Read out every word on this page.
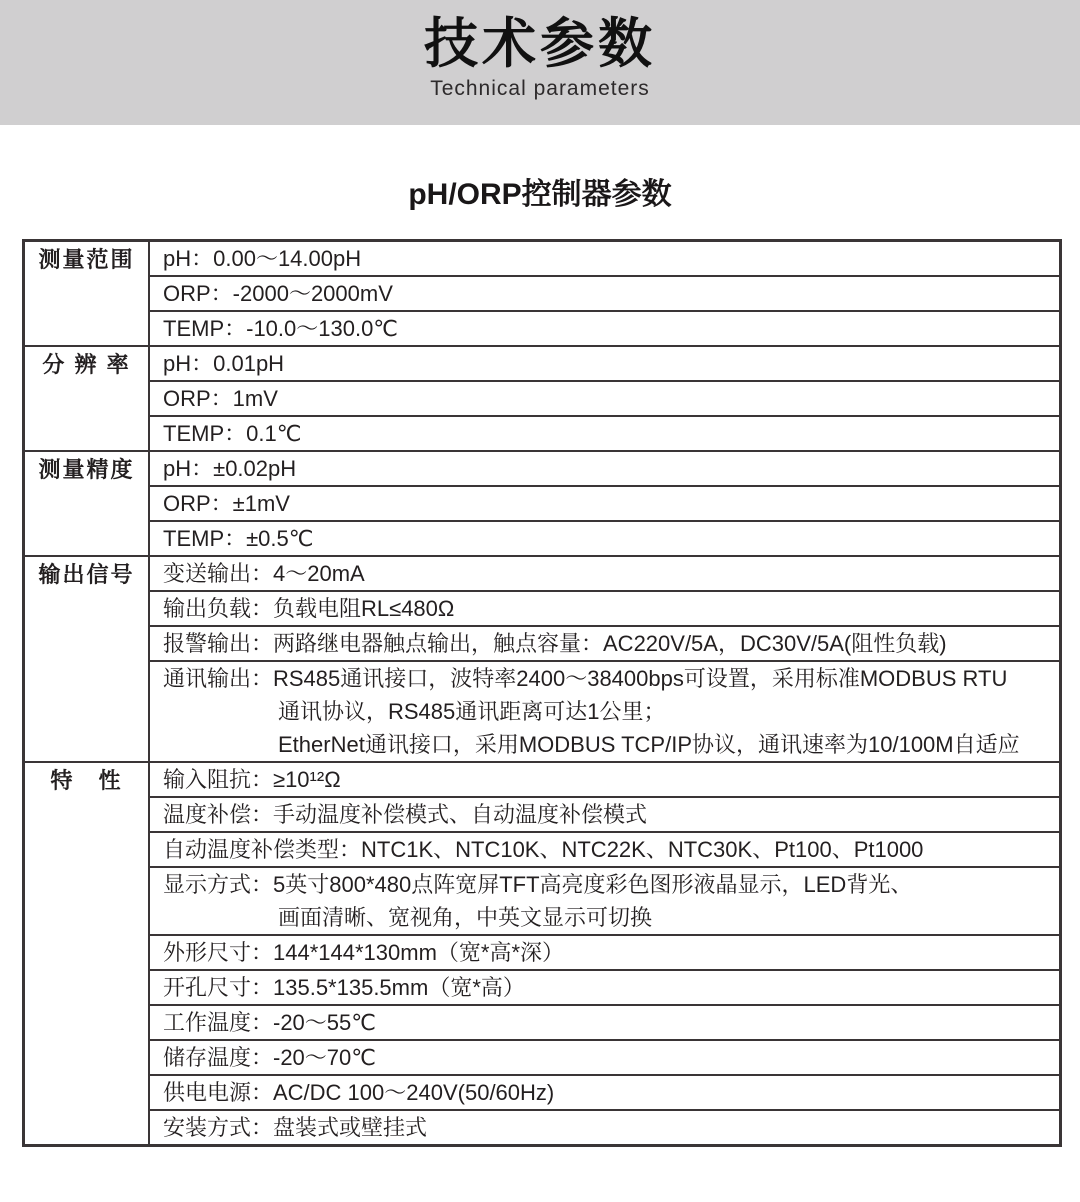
技术参数
Technical parameters
pH/ORP控制器参数
测量范围	pH：0.00～14.00pH
ORP：-2000～2000mV
TEMP：-10.0～130.0℃
分 辨 率	pH：0.01pH
ORP：1mV
TEMP：0.1℃
测量精度	pH：±0.02pH
ORP：±1mV
TEMP：±0.5℃
输出信号	变送输出：4～20mA
输出负载：负载电阻RL≤480Ω
报警输出：两路继电器触点输出，触点容量：AC220V/5A，DC30V/5A(阻性负载)
通讯输出：RS485通讯接口，波特率2400～38400bps可设置，采用标准MODBUS RTU
通讯协议，RS485通讯距离可达1公里；
EtherNet通讯接口，采用MODBUS TCP/IP协议，通讯速率为10/100M自适应
特　性	输入阻抗：≥10¹²Ω
温度补偿：手动温度补偿模式、自动温度补偿模式
自动温度补偿类型：NTC1K、NTC10K、NTC22K、NTC30K、Pt100、Pt1000
显示方式：5英寸800*480点阵宽屏TFT高亮度彩色图形液晶显示，LED背光、
画面清晰、宽视角，中英文显示可切换
外形尺寸：144*144*130mm（宽*高*深）
开孔尺寸：135.5*135.5mm（宽*高）
工作温度：-20～55℃
储存温度：-20～70℃
供电电源：AC/DC 100～240V(50/60Hz)
安装方式：盘装式或壁挂式
